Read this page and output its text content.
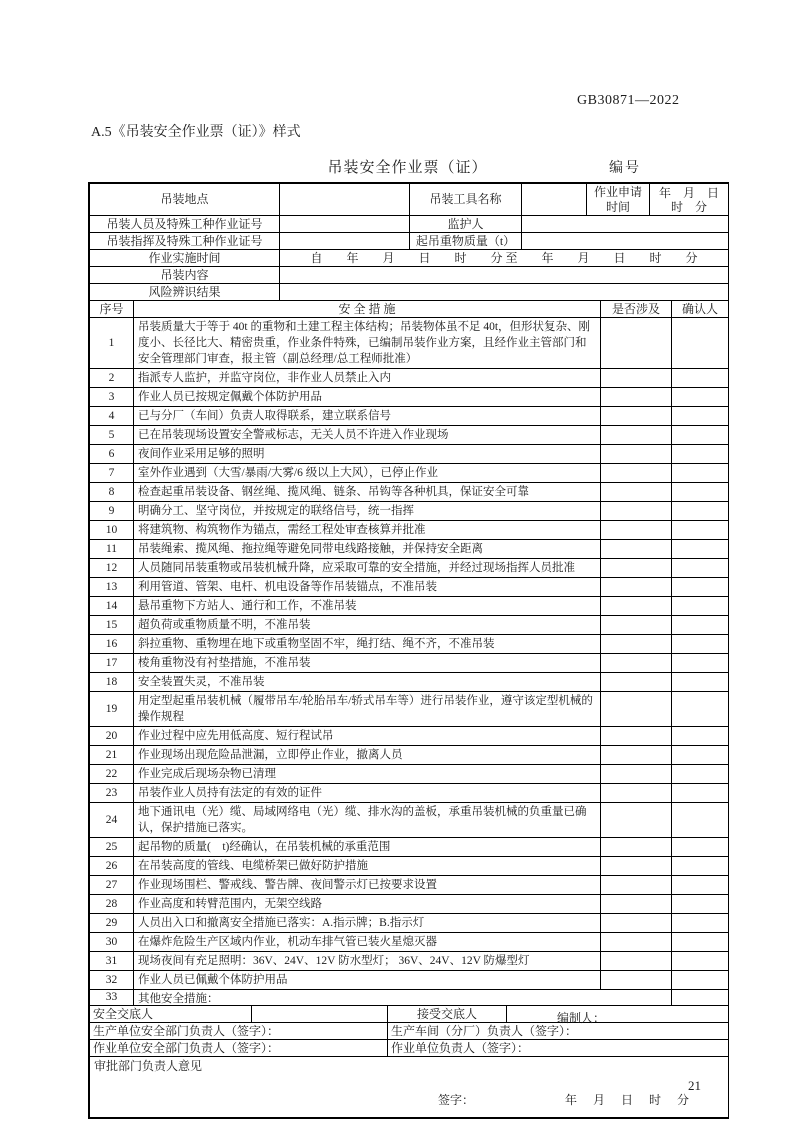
GB30871—2022
A.5《吊装安全作业票（证）》样式
吊装安全作业票（证）	编号
吊装地点		吊装工具名称		作业申请时间	年　月　日
时　分

吊装人员及特殊工种作业证号		监护人			
吊装指挥及特殊工种作业证号		起吊重物质量（t）			
作业实施时间	自　　年　　月　　日　　时　　分 至　　年　　月　　日　　时　　分				
吊装内容					
风险辨识结果					
序号	安 全 措 施	是否涉及	确认人
1	吊装质量大于等于 40t 的重物和土建工程主体结构；吊装物体虽不足 40t，但形状复杂、刚度小、长径比大、精密贵重，作业条件特殊，已编制吊装作业方案，且经作业主管部门和安全管理部门审查，报主管（副总经理/总工程师批准）		
2	指派专人监护，并监守岗位，非作业人员禁止入内		
3	作业人员已按规定佩戴个体防护用品		
4	已与分厂（车间）负责人取得联系，建立联系信号		
5	已在吊装现场设置安全警戒标志，无关人员不许进入作业现场		
6	夜间作业采用足够的照明		
7	室外作业遇到（大雪/暴雨/大雾/6 级以上大风），已停止作业		
8	检查起重吊装设备、钢丝绳、揽风绳、链条、吊钩等各种机具，保证安全可靠		
9	明确分工、坚守岗位，并按规定的联络信号，统一指挥		
10	将建筑物、构筑物作为锚点，需经工程处审查核算并批准		
11	吊装绳索、揽风绳、拖拉绳等避免同带电线路接触，并保持安全距离		
12	人员随同吊装重物或吊装机械升降，应采取可靠的安全措施，并经过现场指挥人员批准		
13	利用管道、管架、电杆、机电设备等作吊装锚点，不准吊装		
14	悬吊重物下方站人、通行和工作，不准吊装		
15	超负荷或重物质量不明，不准吊装		
16	斜拉重物、重物埋在地下或重物坚固不牢，绳打结、绳不齐，不准吊装		
17	棱角重物没有衬垫措施，不准吊装		
18	安全装置失灵，不准吊装		
19	用定型起重吊装机械（履带吊车/轮胎吊车/轿式吊车等）进行吊装作业，遵守该定型机械的操作规程		
20	作业过程中应先用低高度、短行程试吊		
21	作业现场出现危险品泄漏，立即停止作业，撤离人员		
22	作业完成后现场杂物已清理		
23	吊装作业人员持有法定的有效的证件		
24	地下通讯电（光）缆、局域网络电（光）缆、排水沟的盖板，承重吊装机械的负重量已确认，保护措施已落实。		
25	起吊物的质量(　t)经确认，在吊装机械的承重范围		
26	在吊装高度的管线、电缆桥架已做好防护措施		
27	作业现场围栏、警戒线、警告牌、夜间警示灯已按要求设置		
28	作业高度和转臂范围内，无架空线路		
29	人员出入口和撤离安全措施已落实：A.指示牌；B.指示灯		
30	在爆炸危险生产区域内作业，机动车排气管已装火星熄灭器		
31	现场夜间有充足照明：36V、24V、12V 防水型灯； 36V、24V、12V 防爆型灯		
32	作业人员已佩戴个体防护用品		
33	其他安全措施：
编制人：		

安全交底人		接受交底人	
生产单位安全部门负责人（签字）：		生产车间（分厂）负责人（签字）：	
作业单位安全部门负责人（签字）：		作业单位负责人（签字）：	

审批部门负责人意见
签字： 年　月　日　时　分			
21
